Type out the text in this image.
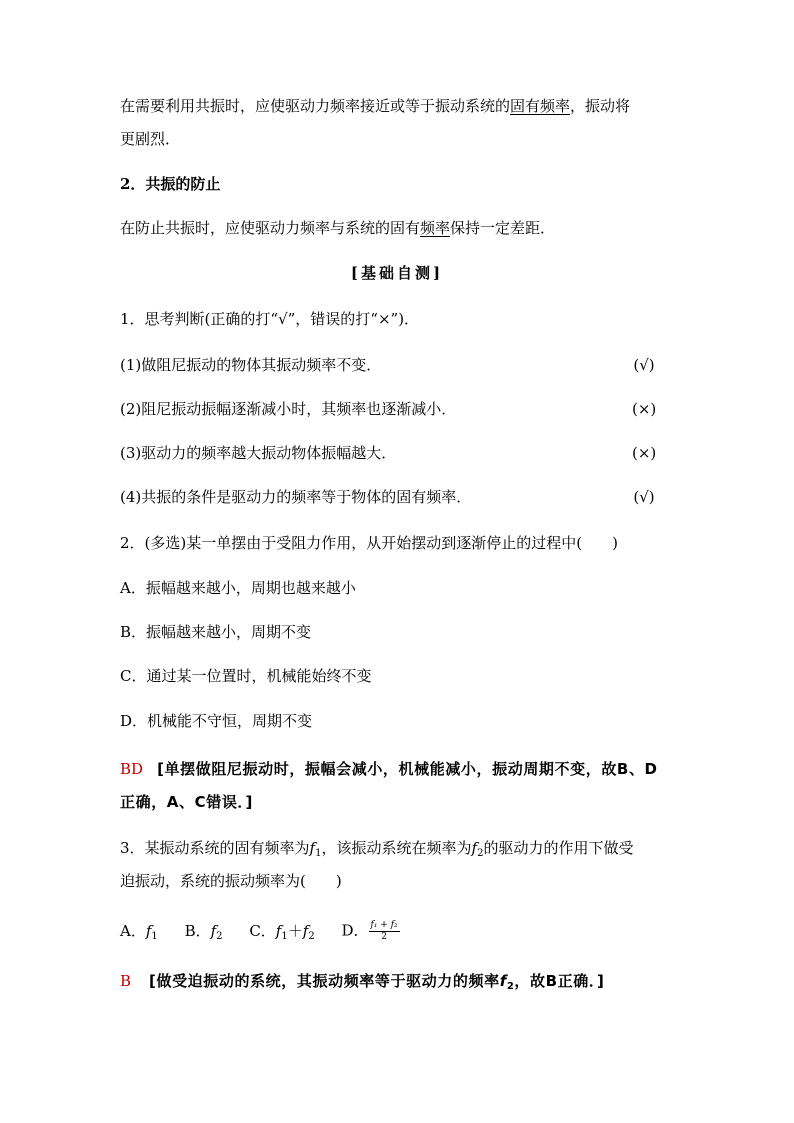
在需要利用共振时，应使驱动力频率接近或等于振动系统的固有频率，振动将
更剧烈．
2．共振的防止
在防止共振时，应使驱动力频率与系统的固有频率保持一定差距．
[基础自测]
1．思考判断(正确的打“√”，错误的打“×”)．
(1)做阻尼振动的物体其振动频率不变．	(√)
(2)阻尼振动振幅逐渐减小时，其频率也逐渐减小．	(×)
(3)驱动力的频率越大振动物体振幅越大．	(×)
(4)共振的条件是驱动力的频率等于物体的固有频率．	(√)
2．(多选)某一单摆由于受阻力作用，从开始摆动到逐渐停止的过程中(　　)
A．振幅越来越小，周期也越来越小
B．振幅越来越小，周期不变
C．通过某一位置时，机械能始终不变
D．机械能不守恒，周期不变
BD [单摆做阻尼振动时，振幅会减小，机械能减小，振动周期不变，故B、D
正确，A、C错误．]
3．某振动系统的固有频率为$f_1$，该振动系统在频率为$f_2$的驱动力的作用下做受
迫振动，系统的振动频率为(　　)
A．$f_1$ B．$f_2$ C．$f_1+f_2$ D． $\frac{\text{f₁ + f₂}}{2}$
B [做受迫振动的系统，其振动频率等于驱动力的频率$f_2$，故B正确．]
